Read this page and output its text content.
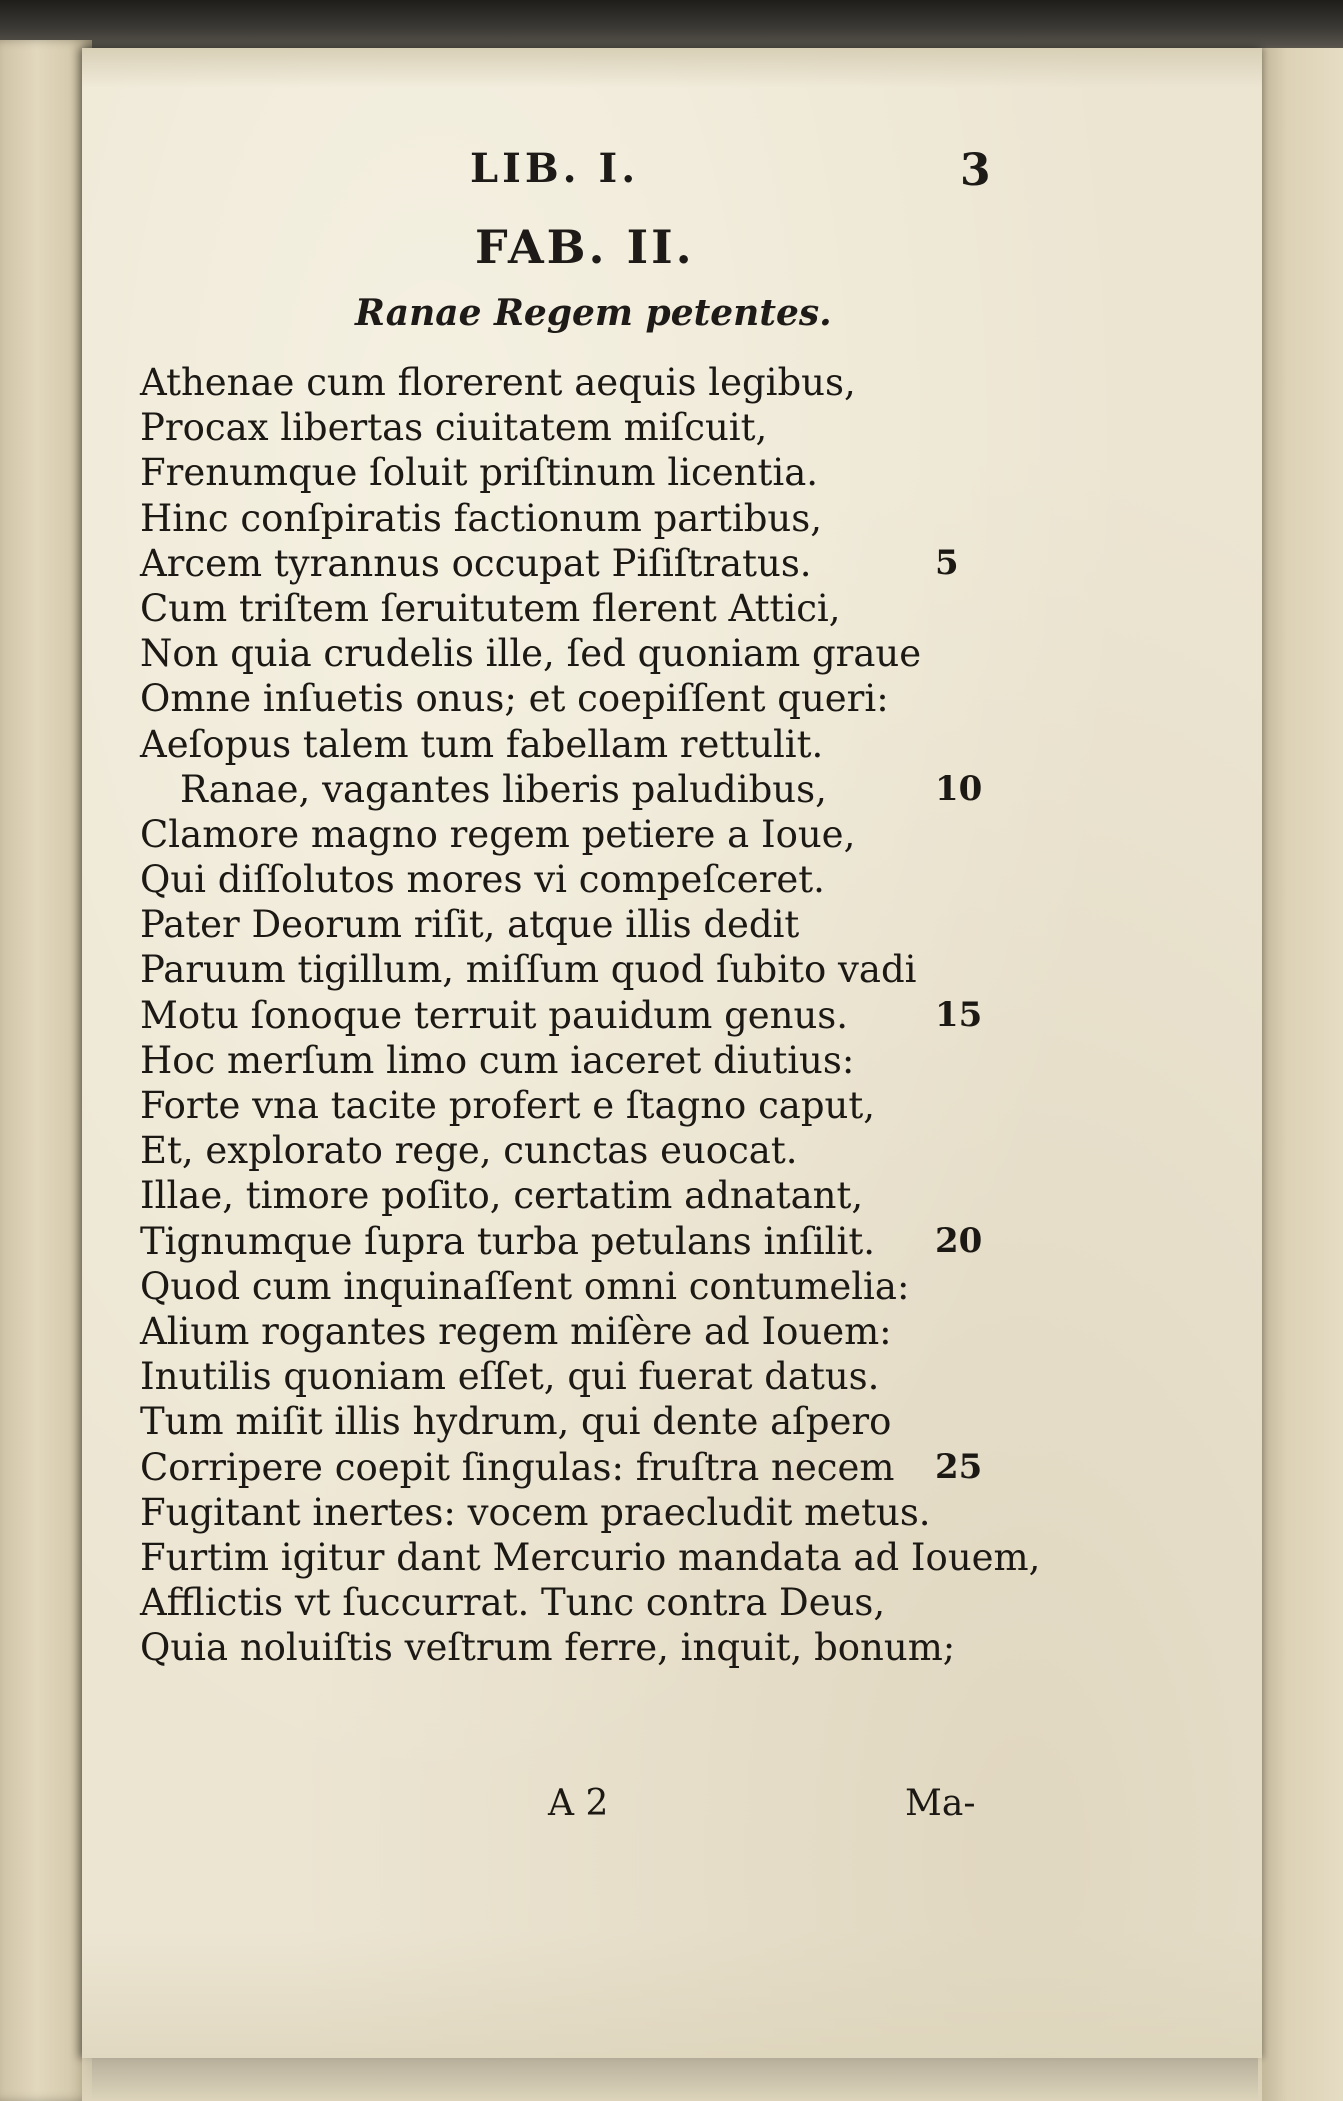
LIB. I.	3
FAB. II.
Ranae Regem petentes.
Athenae cum florerent aequis legibus,
Procax libertas ciuitatem miſcuit,
Frenumque ſoluit priſtinum licentia.
Hinc conſpiratis factionum partibus,
Arcem tyrannus occupat Piſiſtratus.	5
Cum triſtem ſeruitutem flerent Attici,
Non quia crudelis ille, ſed quoniam graue
Omne inſuetis onus; et coepiſſent queri:
Aeſopus talem tum fabellam rettulit.
Ranae, vagantes liberis paludibus,	10
Clamore magno regem petiere a Ioue,
Qui diſſolutos mores vi compeſceret.
Pater Deorum riſit, atque illis dedit
Paruum tigillum, miſſum quod ſubito vadi
Motu ſonoque terruit pauidum genus.	15
Hoc merſum limo cum iaceret diutius:
Forte vna tacite profert e ſtagno caput,
Et, explorato rege, cunctas euocat.
Illae, timore poſito, certatim adnatant,
Tignumque ſupra turba petulans inſilit. 20
Quod cum inquinaſſent omni contumelia:
Alium rogantes regem miſère ad Iouem:
Inutilis quoniam eſſet, qui fuerat datus.
Tum miſit illis hydrum, qui dente aſpero
Corripere coepit ſingulas: fruſtra necem 25
Fugitant inertes: vocem praecludit metus.
Furtim igitur dant Mercurio mandata ad Iouem,
Afflictis vt ſuccurrat. Tunc contra Deus,
Quia noluiſtis veſtrum ferre, inquit, bonum;
A 2	Ma-
